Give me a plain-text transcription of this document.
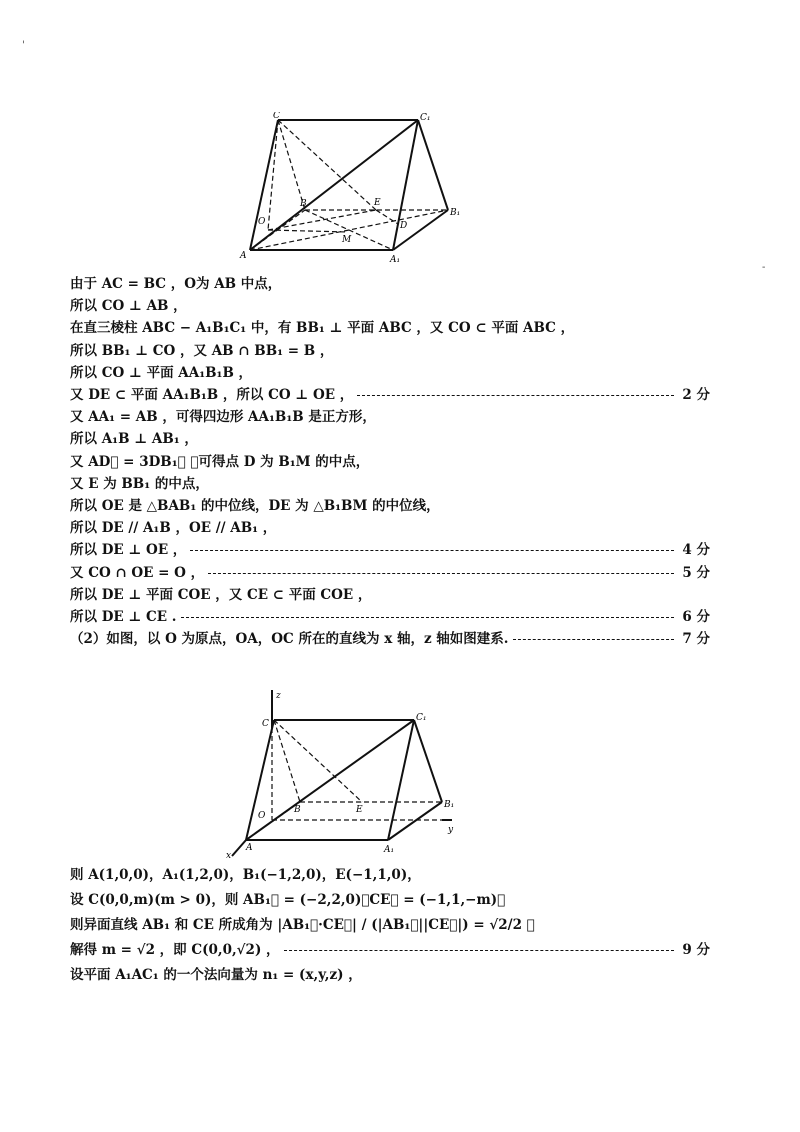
C	C₁
A	A₁
B
B₁
O
E
D
M
由于 AC = BC ，O为 AB 中点，
所以 CO ⊥ AB ，
在直三棱柱 ABC − A₁B₁C₁ 中，有 BB₁ ⊥ 平面 ABC ，又 CO ⊂ 平面 ABC ，
所以 BB₁ ⊥ CO ，又 AB ∩ BB₁ = B ，
所以 CO ⊥ 平面 AA₁B₁B ，
又 DE ⊂ 平面 AA₁B₁B ，所以 CO ⊥ OE ，	2 分
又 AA₁ = AB ，可得四边形 AA₁B₁B 是正方形，
所以 A₁B ⊥ AB₁ ，
又 AD⃗ = 3DB₁⃗ ，可得点 D 为 B₁M 的中点，
又 E 为 BB₁ 的中点，
所以 OE 是 △BAB₁ 的中位线，DE 为 △B₁BM 的中位线，
所以 DE // A₁B ，OE // AB₁ ，
所以 DE ⊥ OE ，	4 分
又 CO ∩ OE = O ，	5 分
所以 DE ⊥ 平面 COE ，又 CE ⊂ 平面 COE ，
所以 DE ⊥ CE .	6 分
（2）如图，以 O 为原点，OA，OC 所在的直线为 x 轴，z 轴如图建系.	7 分
z
C
C₁
A	A₁
B	B₁
O
E
x
y
则 A(1,0,0)，A₁(1,2,0)，B₁(−1,2,0)，E(−1,1,0)，
设 C(0,0,m)(m > 0)，则 AB₁⃗ = (−2,2,0)，CE⃗ = (−1,1,−m)，
则异面直线 AB₁ 和 CE 所成角为 |AB₁⃗·CE⃗| / (|AB₁⃗||CE⃗|) = √2/2 ，
解得 m = √2 ，即 C(0,0,√2) ，	9 分
设平面 A₁AC₁ 的一个法向量为 n₁ = (x,y,z) ，
'
-
